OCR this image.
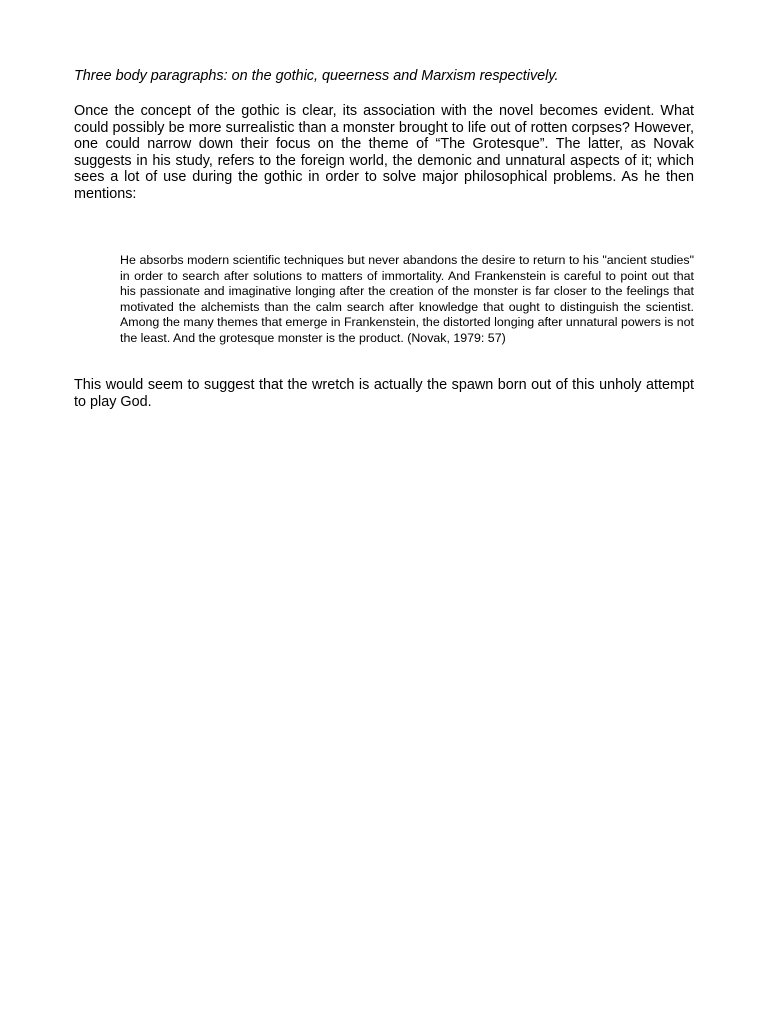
Three body paragraphs: on the gothic, queerness and Marxism respectively.

Once the concept of the gothic is clear, its association with the novel becomes evident. What could possibly be more surrealistic than a monster brought to life out of rotten corpses? However, one could narrow down their focus on the theme of “The Grotesque”. The latter, as Novak suggests in his study, refers to the foreign world, the demonic and unnatural aspects of it; which sees a lot of use during the gothic in order to solve major philosophical problems. As he then mentions:

He absorbs modern scientific techniques but never abandons the desire to return to his "ancient studies" in order to search after solutions to matters of immortality. And Frankenstein is careful to point out that his passionate and imaginative longing after the creation of the monster is far closer to the feelings that motivated the alchemists than the calm search after knowledge that ought to distinguish the scientist. Among the many themes that emerge in Frankenstein, the distorted longing after unnatural powers is not the least. And the grotesque monster is the product. (Novak, 1979: 57)

This would seem to suggest that the wretch is actually the spawn born out of this unholy attempt to play God.
